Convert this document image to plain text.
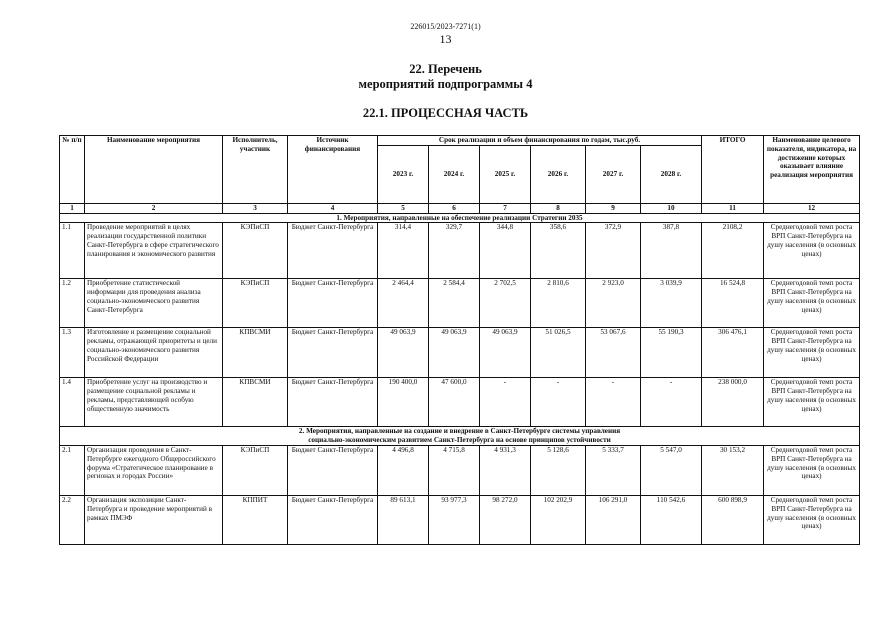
226015/2023-7271(1)
13
22. Перечень
мероприятий подпрограммы 4
22.1. ПРОЦЕССНАЯ ЧАСТЬ
№ п/п	Наименование мероприятия	Исполнитель, участник	Источник финансирования	Срок реализации и объем финансирования по годам, тыс.руб.						ИТОГО	Наименование целевого показателя, индикатора, на достижение которых оказывает влияние реализация мероприятия
				2023 г.	2024 г.	2025 г.	2026 г.	2027 г.	2028 г.		
1	2	3	4	5	6	7	8	9	10	11	12
1. Мероприятия, направленные на обеспечение реализации Стратегии 2035											
1.1	Проведение мероприятий в целях реализации государственной политики Санкт-Петербурга в сфере стратегического планирования и экономического развития	КЭПиСП	Бюджет Санкт-Петербурга	314,4	329,7	344,8	358,6	372,9	387,8	2108,2	Среднегодовой темп роста ВРП Санкт-Петербурга на душу населения (в основных ценах)
1.2	Приобретение статистической информации для проведения анализа социально-экономического развития Санкт-Петербурга	КЭПиСП	Бюджет Санкт-Петербурга	2 464,4	2 584,4	2 702,5	2 810,6	2 923,0	3 039,9	16 524,8	Среднегодовой темп роста ВРП Санкт-Петербурга на душу населения (в основных ценах)
1.3	Изготовление и размещение социальной рекламы, отражающей приоритеты и цели социально-экономического развития Российской Федерации	КПВСМИ	Бюджет Санкт-Петербурга	49 063,9	49 063,9	49 063,9	51 026,5	53 067,6	55 190,3	306 476,1	Среднегодовой темп роста ВРП Санкт-Петербурга на душу населения (в основных ценах)
1.4	Приобретение услуг на производство и размещение социальной рекламы и рекламы, представляющей особую общественную значимость	КПВСМИ	Бюджет Санкт-Петербурга	190 400,0	47 600,0	-	-	-	-	238 000,0	Среднегодовой темп роста ВРП Санкт-Петербурга на душу населения (в основных ценах)

2. Мероприятия, направленные на создание и внедрение в Санкт-Петербурге системы управления
социально-экономическим развитием Санкт-Петербурга на основе принципов устойчивости											

2.1	Организация проведения в Санкт-Петербурге ежегодного Общероссийского форума «Стратегическое планирование в регионах и городах России»	КЭПиСП	Бюджет Санкт-Петербурга	4 496,8	4 715,8	4 931,3	5 128,6	5 333,7	5 547,0	30 153,2	Среднегодовой темп роста ВРП Санкт-Петербурга на душу населения (в основных ценах)
2.2	Организация экспозиции Санкт-Петербурга и проведение мероприятий в рамках ПМЭФ	КППИТ	Бюджет Санкт-Петербурга	89 613,1	93 977,3	98 272,0	102 202,9	106 291,0	110 542,6	600 898,9	Среднегодовой темп роста ВРП Санкт-Петербурга на душу населения (в основных ценах)
